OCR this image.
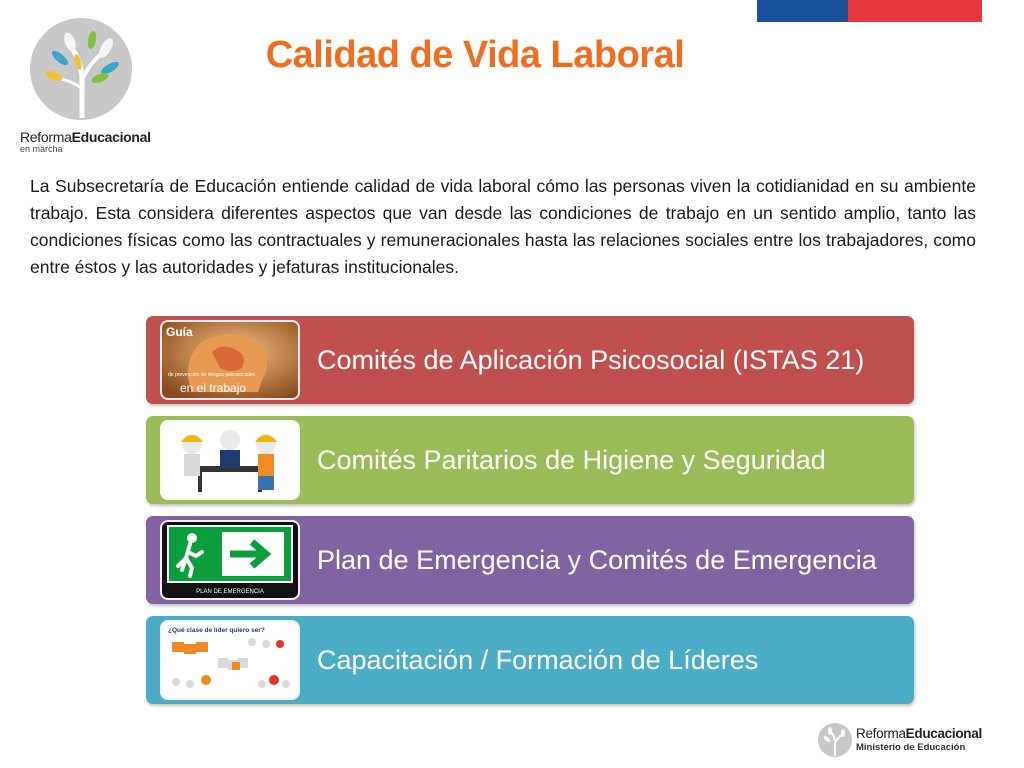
ReformaEducacional
en marcha
Calidad de Vida Laboral
La Subsecretaría de Educación entiende calidad de vida laboral cómo las personas viven la cotidianidad en su ambiente trabajo. Esta considera diferentes aspectos que van desde las condiciones de trabajo en un sentido amplio, tanto las condiciones físicas como las contractuales y remuneracionales hasta las relaciones sociales entre los trabajadores, como entre éstos y las autoridades y jefaturas institucionales.
Guía
de prevención de riesgos psicosociales
en el trabajo
Comités de Aplicación Psicosocial (ISTAS 21)
Comités Paritarios de Higiene y Seguridad
PLAN DE EMERGENCIA
Plan de Emergencia y Comités de Emergencia
¿Qué clase de líder quiero ser?
Capacitación / Formación de Líderes
ReformaEducacional
Ministerio de Educación
